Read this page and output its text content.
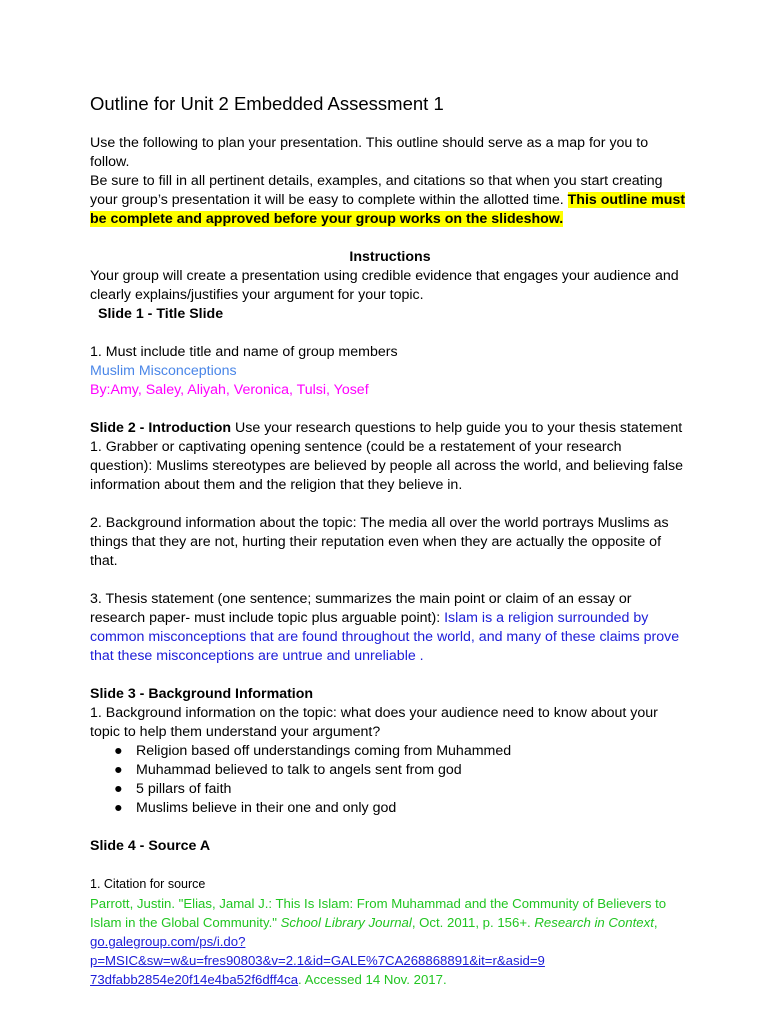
Outline for Unit 2 Embedded Assessment 1

Use the following to plan your presentation. This outline should serve as a map for you to follow.

Be sure to fill in all pertinent details, examples, and citations so that when you start creating

your group’s presentation it will be easy to complete within the allotted time. This outline must

be complete and approved before your group works on the slideshow.

Instructions

Your group will create a presentation using credible evidence that engages your audience and

clearly explains/justifies your argument for your topic.

Slide 1 - Title Slide

1. Must include title and name of group members

Muslim Misconceptions

By:Amy, Saley, Aliyah, Veronica, Tulsi, Yosef

Slide 2 - Introduction Use your research questions to help guide you to your thesis statement

1. Grabber or captivating opening sentence (could be a restatement of your research

question): Muslims stereotypes are believed by people all across the world, and believing false

information about them and the religion that they believe in.

2. Background information about the topic: The media all over the world portrays Muslims as

things that they are not, hurting their reputation even when they are actually the opposite of that.

3. Thesis statement (one sentence; summarizes the main point or claim of an essay or

research paper- must include topic plus arguable point): Islam is a religion surrounded by

common misconceptions that are found throughout the world, and many of these claims prove

that these misconceptions are untrue and unreliable .

Slide 3 - Background Information

1. Background information on the topic: what does your audience need to know about your

topic to help them understand your argument?

● Religion based off understandings coming from Muhammed
● Muhammad believed to talk to angels sent from god
● 5 pillars of faith
● Muslims believe in their one and only god

Slide 4 - Source A

1. Citation for source

Parrott, Justin. "Elias, Jamal J.: This Is Islam: From Muhammad and the Community of Believers to

Islam in the Global Community." School Library Journal, Oct. 2011, p. 156+. Research in Context,

go.galegroup.com/ps/i.do?p=MSIC&sw=w&u=fres90803&v=2.1&id=GALE%7CA268868891&it=r&asid=9

73dfabb2854e20f14e4ba52f6dff4ca. Accessed 14 Nov. 2017.
